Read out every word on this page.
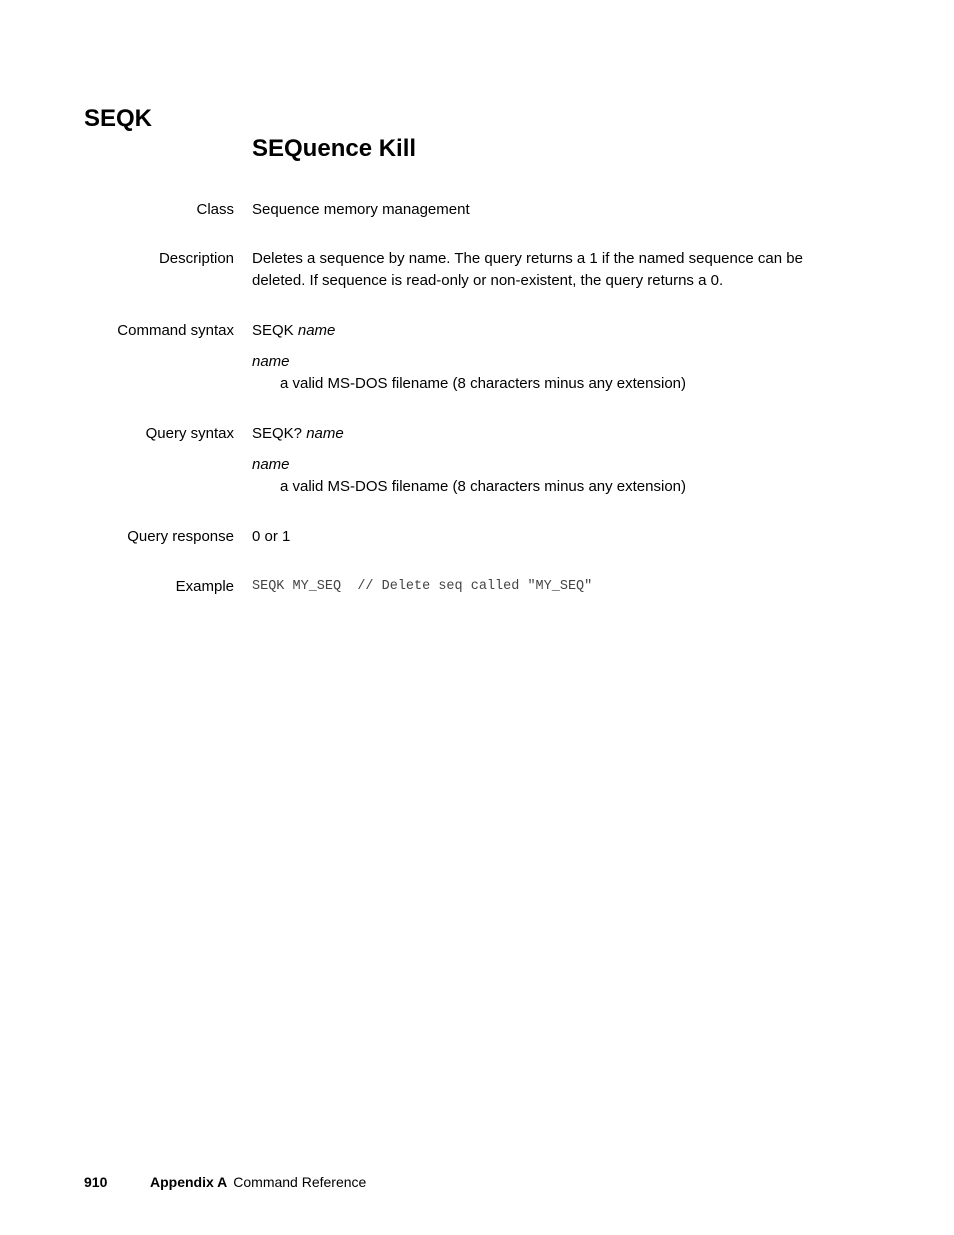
SEQK
SEQuence Kill
Class Sequence memory management

Description Deletes a sequence by name. The query returns a 1 if the named sequence can be deleted. If sequence is read-only or non-existent, the query returns a 0.

Command syntax SEQK name

name
a valid MS-DOS filename (8 characters minus any extension)
Query syntax SEQK? name

name
a valid MS-DOS filename (8 characters minus any extension)
Query response 0 or 1

Example SEQK MY_SEQ  // Delete seq called "MY_SEQ"

910	Appendix A Command Reference
